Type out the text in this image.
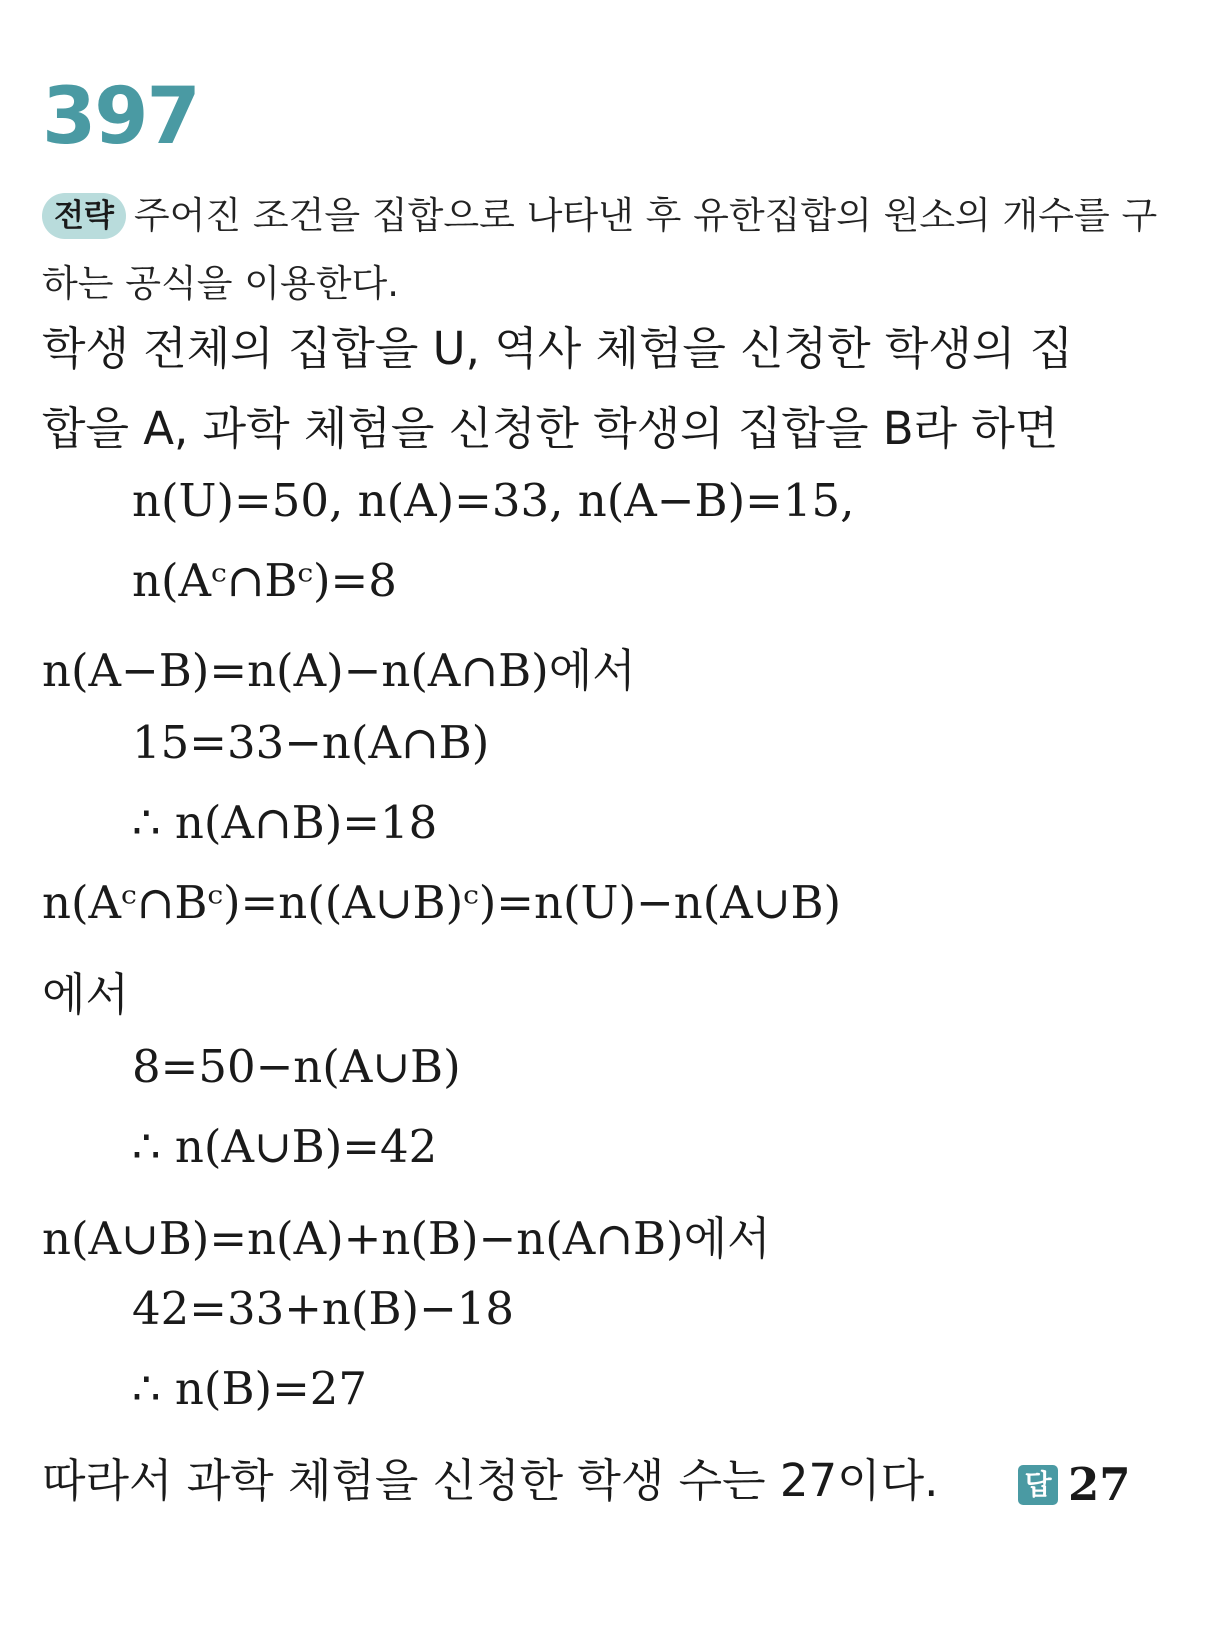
397
전략 주어진 조건을 집합으로 나타낸 후 유한집합의 원소의 개수를 구하는 공식을 이용한다.
학생 전체의 집합을 U, 역사 체험을 신청한 학생의 집
합을 A, 과학 체험을 신청한 학생의 집합을 B라 하면
n(U)=50, n(A)=33, n(A−B)=15,
n(Aᶜ∩Bᶜ)=8
n(A−B)=n(A)−n(A∩B)에서
15=33−n(A∩B)
∴ n(A∩B)=18
n(Aᶜ∩Bᶜ)=n((A∪B)ᶜ)=n(U)−n(A∪B)
에서
8=50−n(A∪B)
∴ n(A∪B)=42
n(A∪B)=n(A)+n(B)−n(A∩B)에서
42=33+n(B)−18
∴ n(B)=27
따라서 과학 체험을 신청한 학생 수는 27이다.	답 27
